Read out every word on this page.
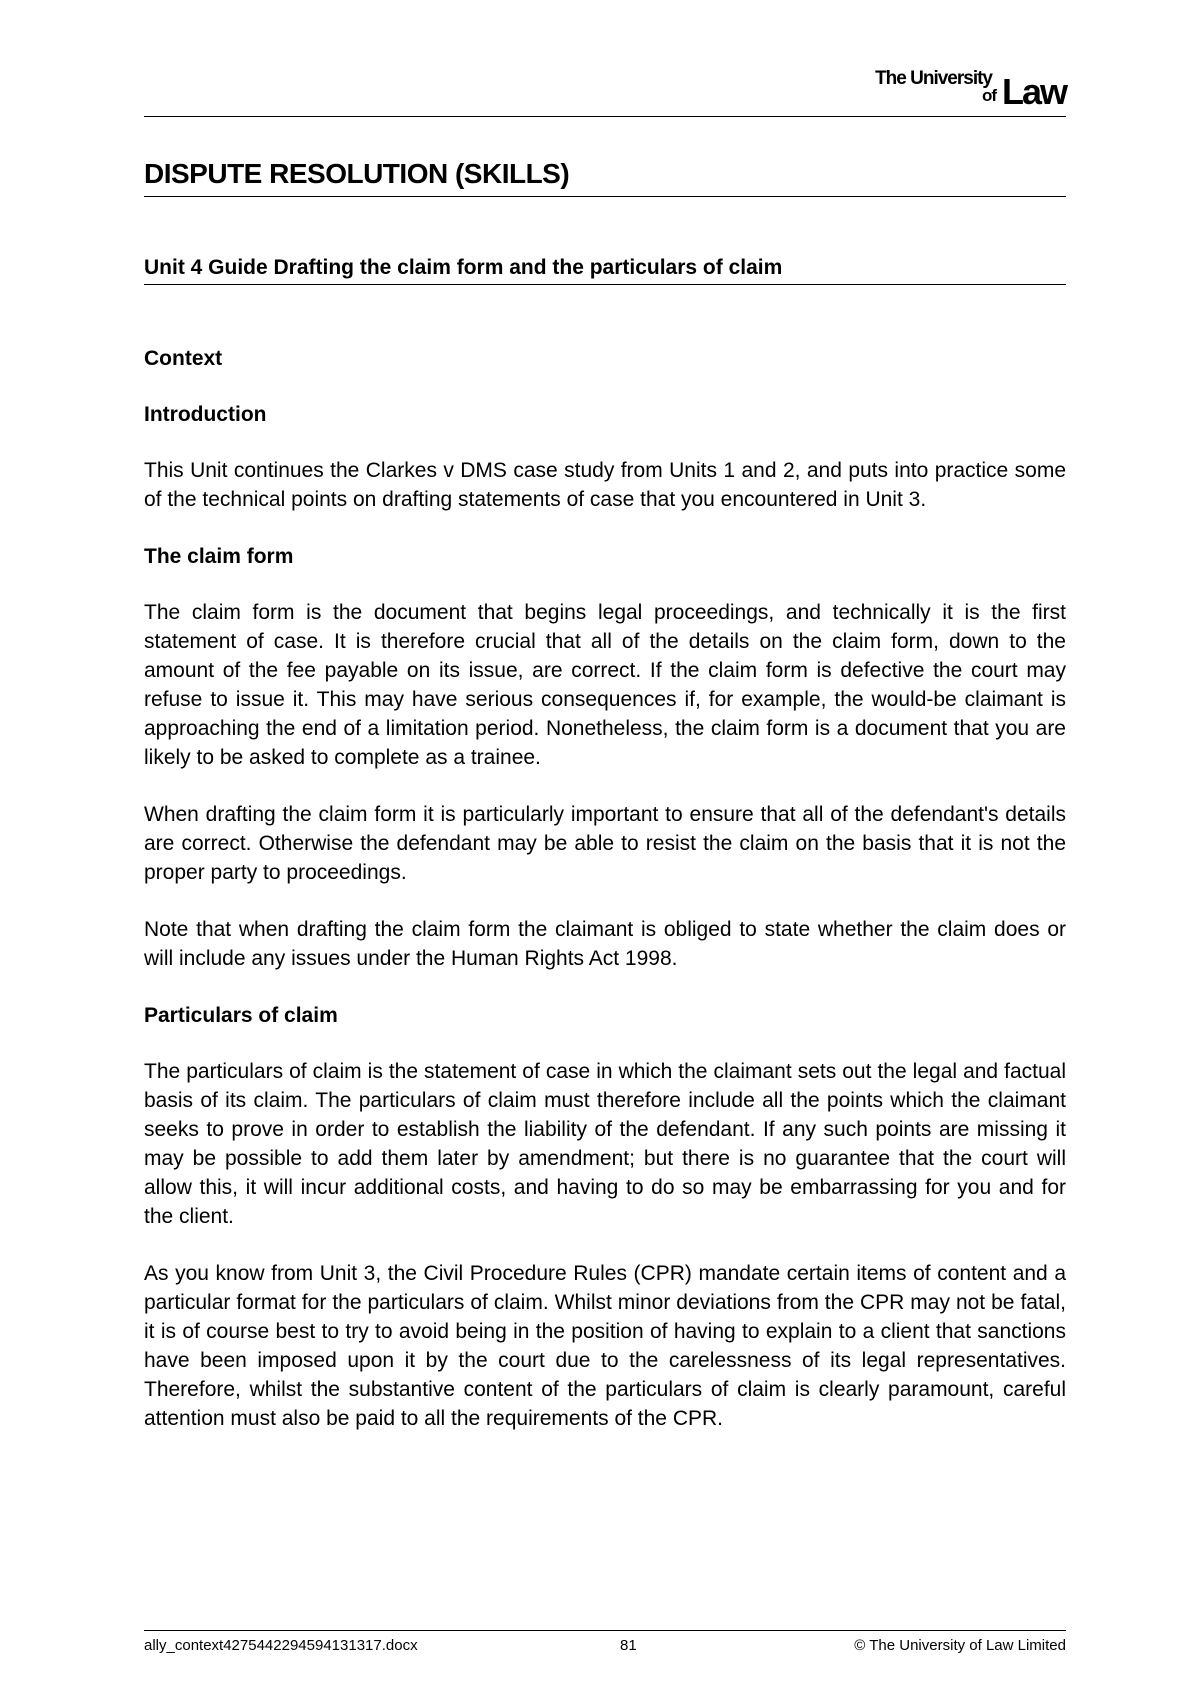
The University
of Law
DISPUTE RESOLUTION (SKILLS)
Unit 4 Guide Drafting the claim form and the particulars of claim
Context
Introduction

This Unit continues the Clarkes v DMS case study from Units 1 and 2, and puts into practice some of the technical points on drafting statements of case that you encountered in Unit 3.

The claim form

The claim form is the document that begins legal proceedings, and technically it is the first statement of case. It is therefore crucial that all of the details on the claim form, down to the amount of the fee payable on its issue, are correct. If the claim form is defective the court may refuse to issue it. This may have serious consequences if, for example, the would-be claimant is approaching the end of a limitation period. Nonetheless, the claim form is a document that you are likely to be asked to complete as a trainee.

When drafting the claim form it is particularly important to ensure that all of the defendant's details are correct. Otherwise the defendant may be able to resist the claim on the basis that it is not the proper party to proceedings.

Note that when drafting the claim form the claimant is obliged to state whether the claim does or will include any issues under the Human Rights Act 1998.

Particulars of claim

The particulars of claim is the statement of case in which the claimant sets out the legal and factual basis of its claim. The particulars of claim must therefore include all the points which the claimant seeks to prove in order to establish the liability of the defendant. If any such points are missing it may be possible to add them later by amendment; but there is no guarantee that the court will allow this, it will incur additional costs, and having to do so may be embarrassing for you and for the client.

As you know from Unit 3, the Civil Procedure Rules (CPR) mandate certain items of content and a particular format for the particulars of claim. Whilst minor deviations from the CPR may not be fatal, it is of course best to try to avoid being in the position of having to explain to a client that sanctions have been imposed upon it by the court due to the carelessness of its legal representatives. Therefore, whilst the substantive content of the particulars of claim is clearly paramount, careful attention must also be paid to all the requirements of the CPR.

ally_context4275442294594131317.docx	81	© The University of Law Limited
